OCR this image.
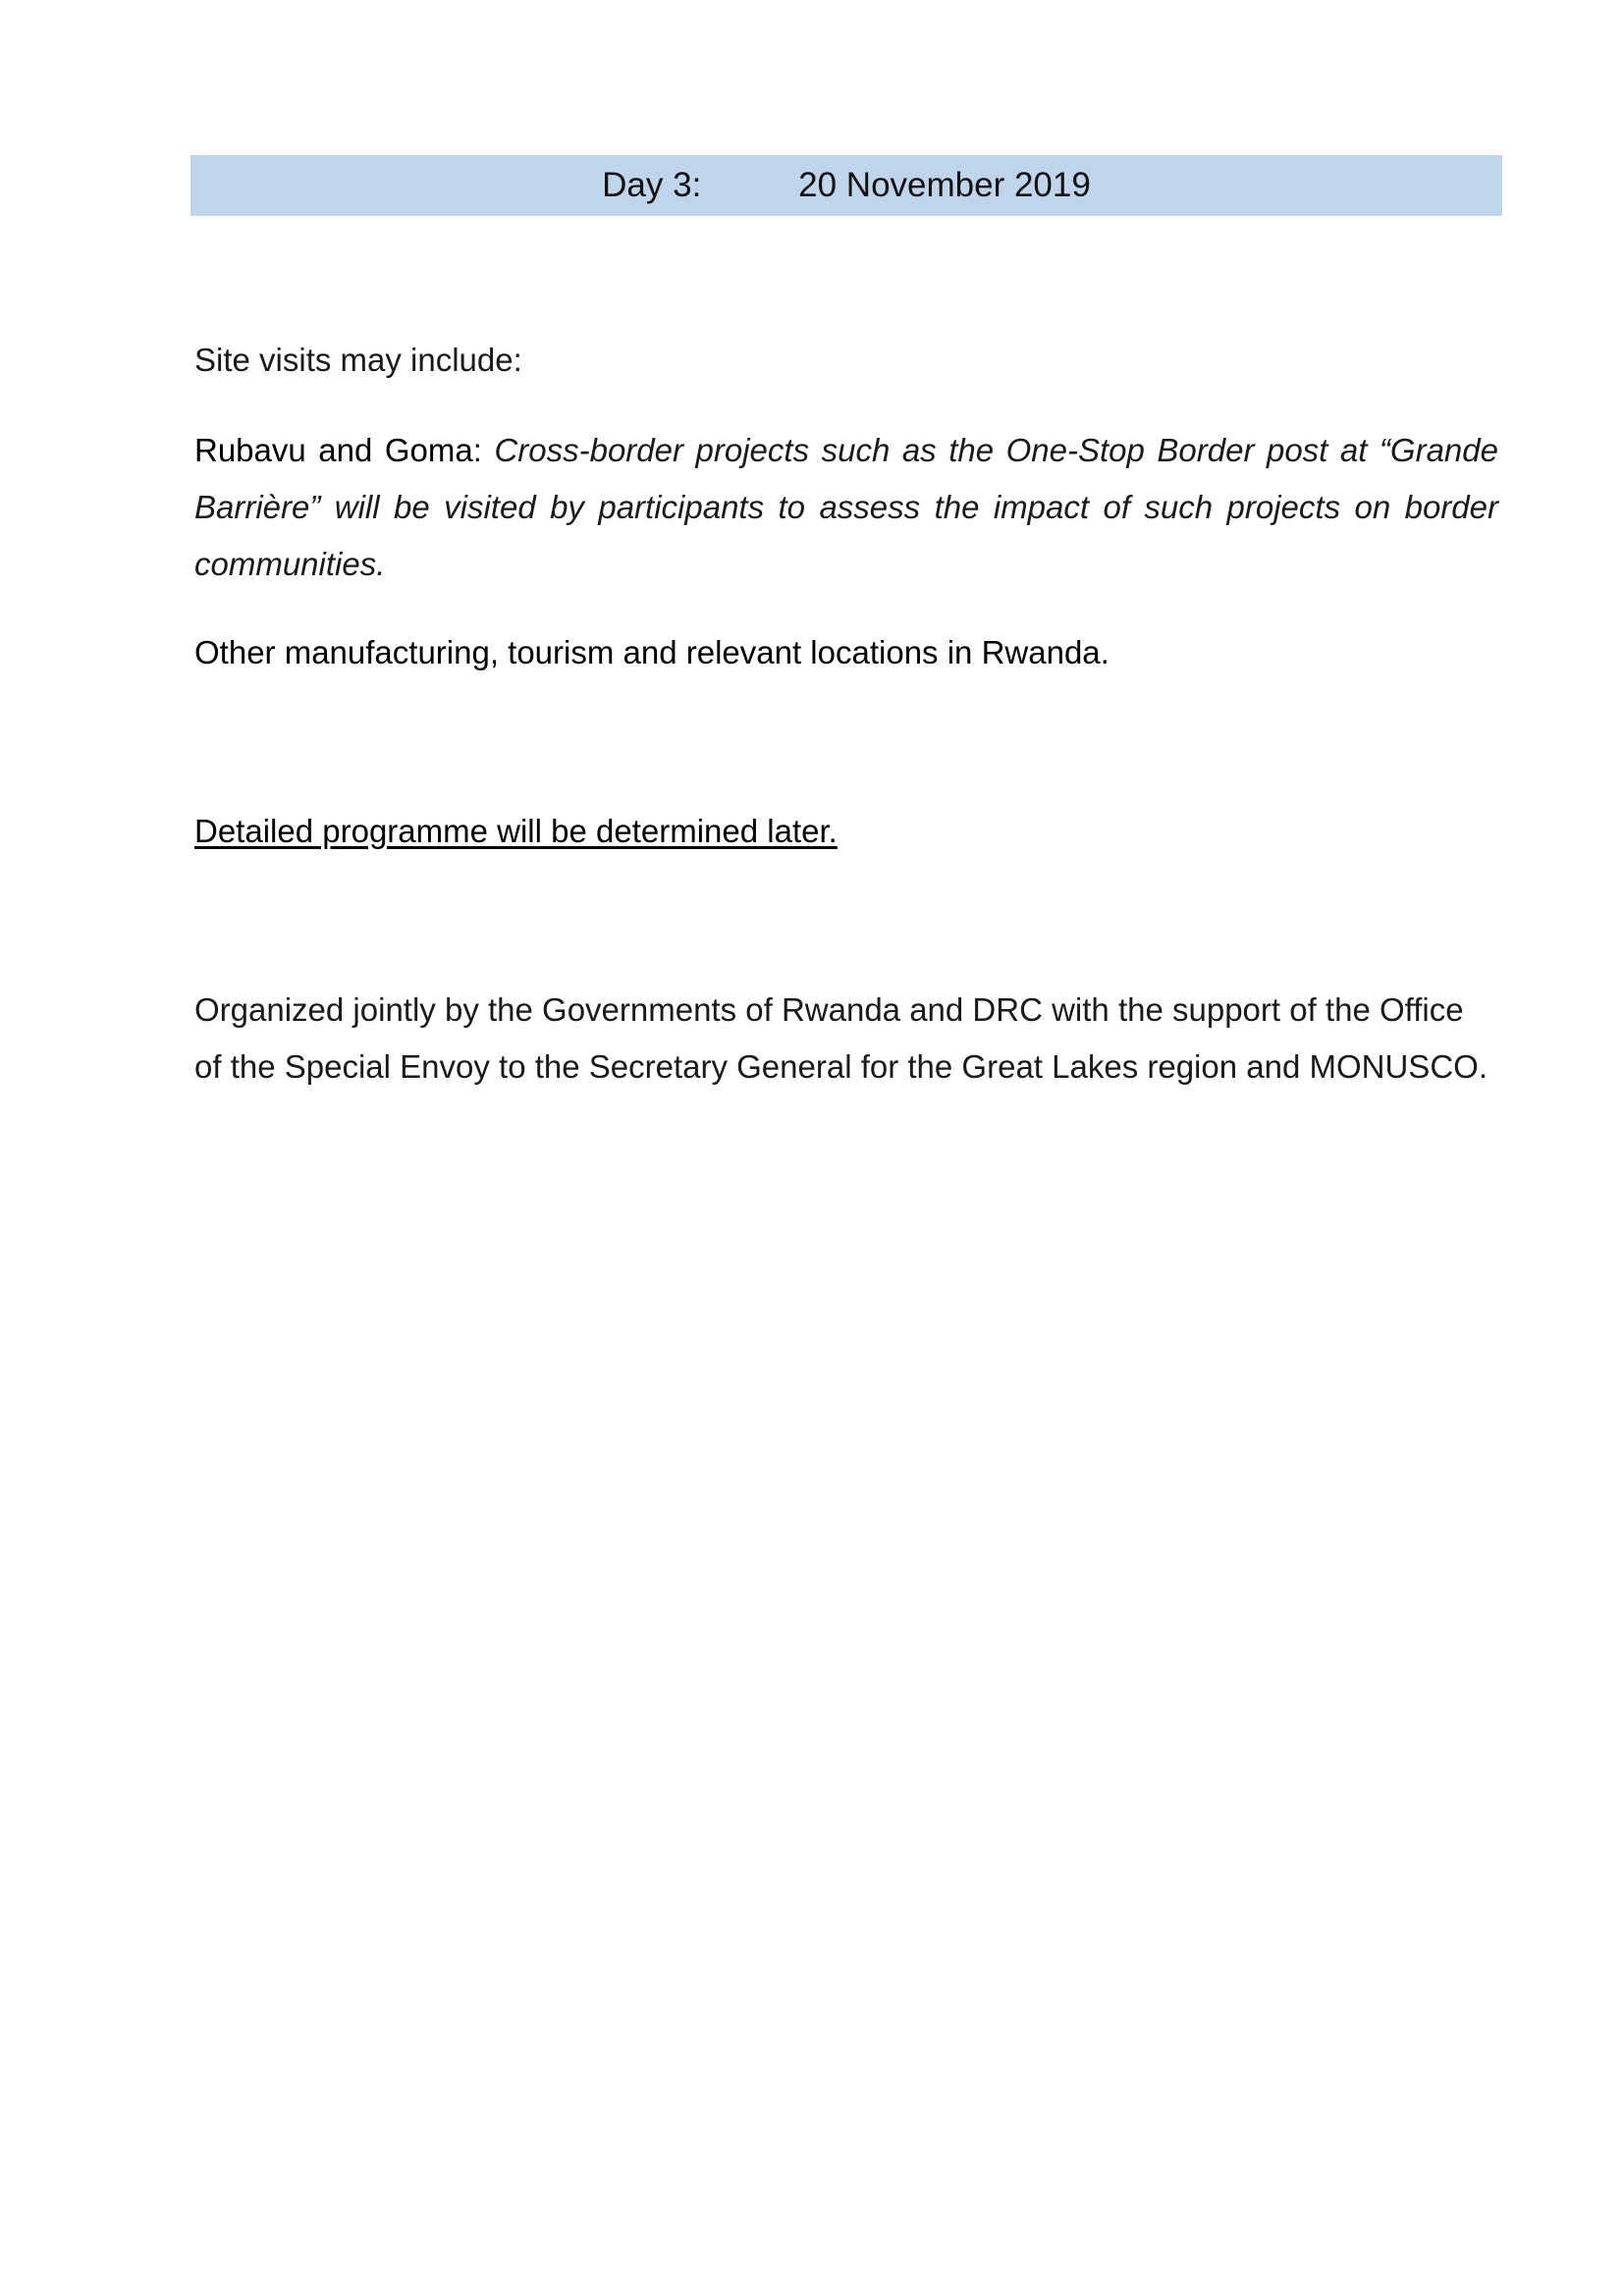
Day 3:	20 November 2019
Site visits may include:
Rubavu and Goma: Cross-border projects such as the One-Stop Border post at “Grande Barrière” will be visited by participants to assess the impact of such projects on border communities.
Other manufacturing, tourism and relevant locations in Rwanda.
Detailed programme will be determined later.
Organized jointly by the Governments of Rwanda and DRC with the support of the Office of the Special Envoy to the Secretary General for the Great Lakes region and MONUSCO.
